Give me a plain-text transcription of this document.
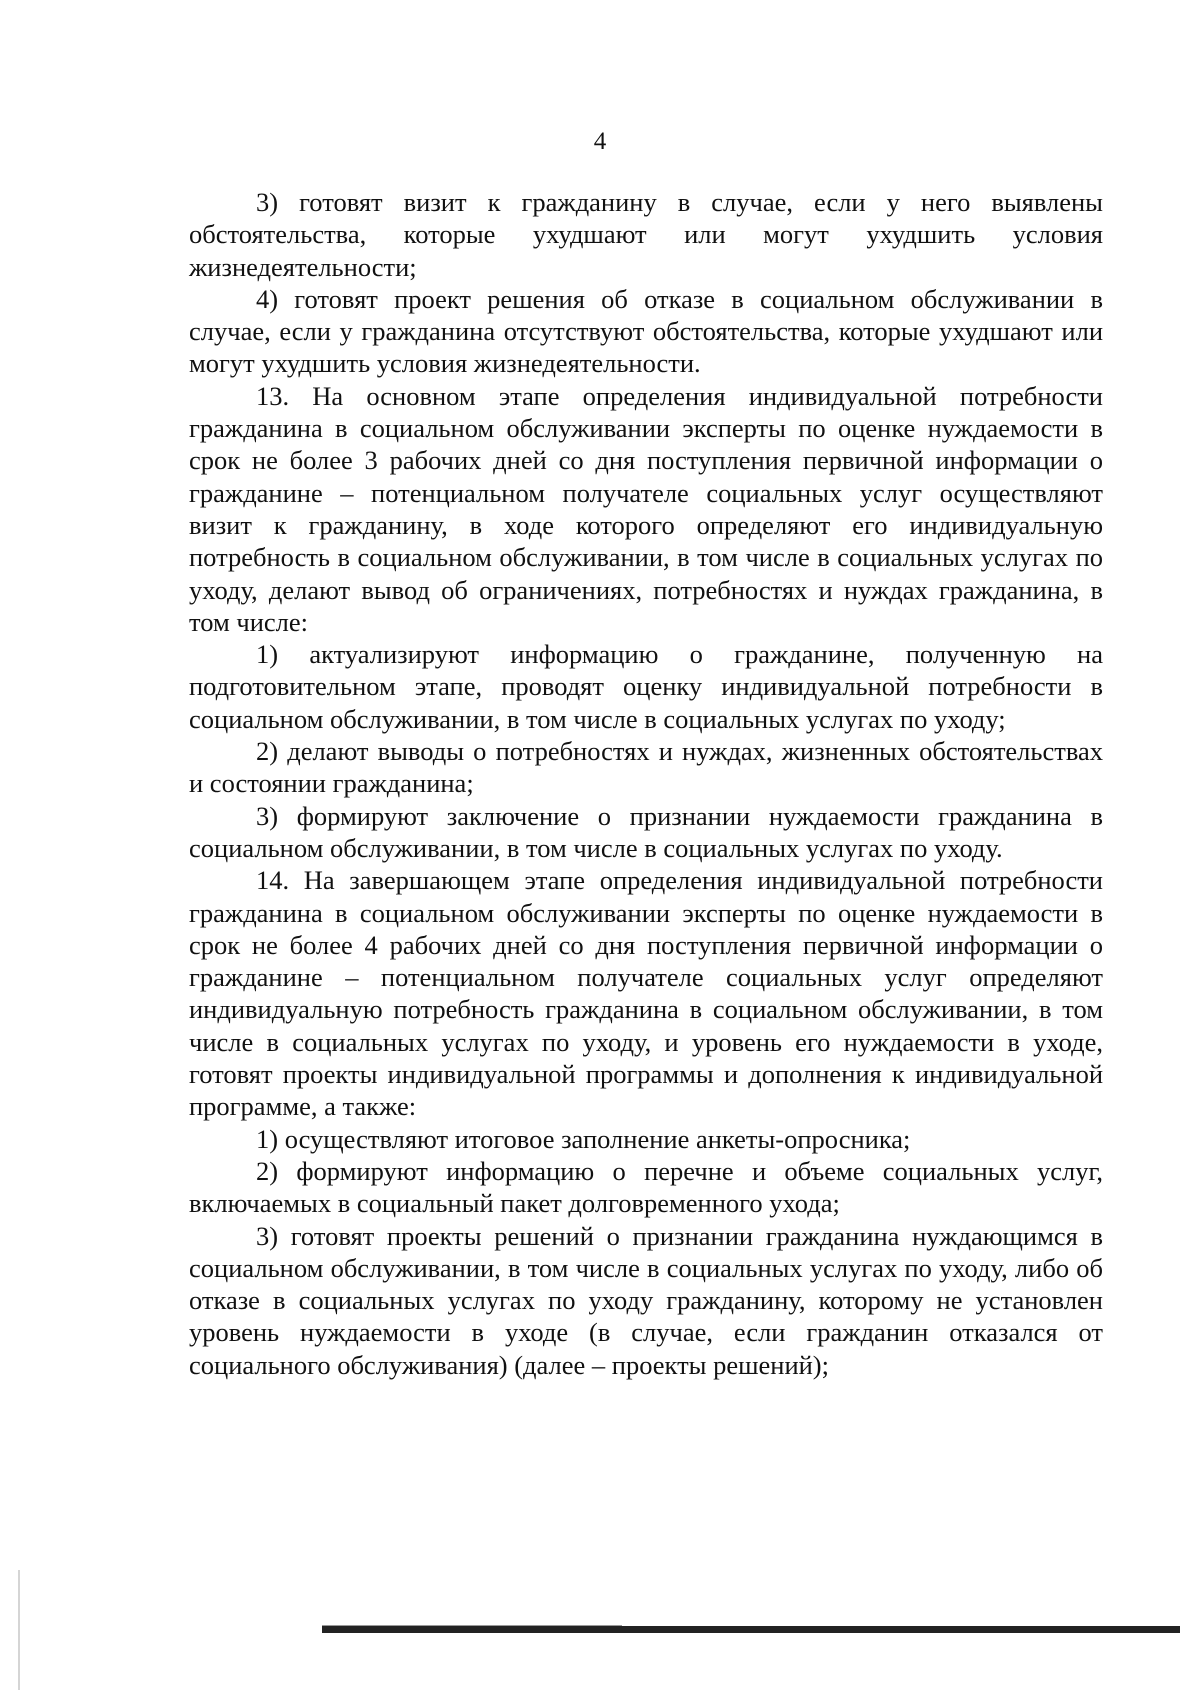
4

3) готовят визит к гражданину в случае, если у него выявлены обстоятельства, которые ухудшают или могут ухудшить условия жизнедеятельности;

4) готовят проект решения об отказе в социальном обслуживании в случае, если у гражданина отсутствуют обстоятельства, которые ухудшают или могут ухудшить условия жизнедеятельности.

13. На основном этапе определения индивидуальной потребности гражданина в социальном обслуживании эксперты по оценке нуждаемости в срок не более 3 рабочих дней со дня поступления первичной информации о гражданине – потенциальном получателе социальных услуг осуществляют визит к гражданину, в ходе которого определяют его индивидуальную потребность в социальном обслуживании, в том числе в социальных услугах по уходу, делают вывод об ограничениях, потребностях и нуждах гражданина, в том числе:

1) актуализируют информацию о гражданине, полученную на подготовительном этапе, проводят оценку индивидуальной потребности в социальном обслуживании, в том числе в социальных услугах по уходу;

2) делают выводы о потребностях и нуждах, жизненных обстоятельствах и состоянии гражданина;

3) формируют заключение о признании нуждаемости гражданина в социальном обслуживании, в том числе в социальных услугах по уходу.

14. На завершающем этапе определения индивидуальной потребности гражданина в социальном обслуживании эксперты по оценке нуждаемости в срок не более 4 рабочих дней со дня поступления первичной информации о гражданине – потенциальном получателе социальных услуг определяют индивидуальную потребность гражданина в социальном обслуживании, в том числе в социальных услугах по уходу, и уровень его нуждаемости в уходе, готовят проекты индивидуальной программы и дополнения к индивидуальной программе, а также:

1) осуществляют итоговое заполнение анкеты-опросника;

2) формируют информацию о перечне и объеме социальных услуг, включаемых в социальный пакет долговременного ухода;

3) готовят проекты решений о признании гражданина нуждающимся в социальном обслуживании, в том числе в социальных услугах по уходу, либо об отказе в социальных услугах по уходу гражданину, которому не установлен уровень нуждаемости в уходе (в случае, если гражданин отказался от социального обслуживания) (далее – проекты решений);
